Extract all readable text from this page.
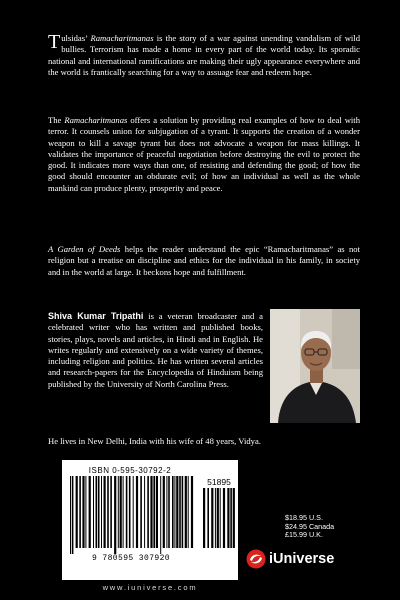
Tulsidas’ Ramacharitmanas is the story of a war against unending vandalism of wild bullies. Terrorism has made a home in every part of the world today. Its sporadic national and international ramifications are making their ugly appearance everywhere and the world is frantically searching for a way to assuage fear and redeem hope.

The Ramacharitmanas offers a solution by providing real examples of how to deal with terror. It counsels union for subjugation of a tyrant. It supports the creation of a wonder weapon to kill a savage tyrant but does not advocate a weapon for mass killings. It validates the importance of peaceful negotiation before destroying the evil to protect the good. It indicates more ways than one, of resisting and defending the good; of how the good should encounter an obdurate evil; of how an individual as well as the whole mankind can produce plenty, prosperity and peace.

A Garden of Deeds helps the reader understand the epic “Ramacharitmanas” as not religion but a treatise on discipline and ethics for the individual in his family, in society and in the world at large. It beckons hope and fulfillment.

Shiva Kumar Tripathi is a veteran broadcaster and a celebrated writer who has written and published books, stories, plays, novels and articles, in Hindi and in English. He writes regularly and extensively on a wide variety of themes, including religion and politics. He has written several articles and research-papers for the Encyclopedia of Hinduism being published by the University of North Carolina Press.

He lives in New Delhi, India with his wife of 48 years, Vidya.

ISBN 0-595-30792-2
51895
9 780595 307920
$18.95 U.S.
$24.95 Canada
£15.99 U.K.
iUniverse
www.iuniverse.com
